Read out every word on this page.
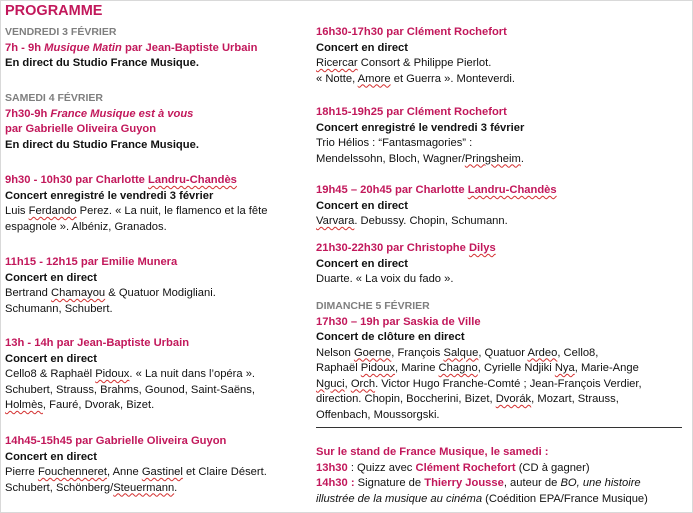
PROGRAMME
VENDREDI 3 FÉVRIER
7h - 9h Musique Matin par Jean-Baptiste Urbain
En direct du Studio France Musique.
SAMEDI 4 FÉVRIER
7h30-9h France Musique est à vous
par Gabrielle Oliveira Guyon
En direct du Studio France Musique.
9h30 - 10h30 par Charlotte Landru-Chandès
Concert enregistré le vendredi 3 février
Luis Ferdando Perez. « La nuit, le flamenco et la fête
espagnole ». Albéniz, Granados.
11h15 - 12h15 par Emilie Munera
Concert en direct
Bertrand Chamayou & Quatuor Modigliani.
Schumann, Schubert.
13h - 14h par Jean-Baptiste Urbain
Concert en direct
Cello8 & Raphaël Pidoux. « La nuit dans l’opéra ».
Schubert, Strauss, Brahms, Gounod, Saint-Saëns,
Holmès, Fauré, Dvorak, Bizet.
14h45-15h45 par Gabrielle Oliveira Guyon
Concert en direct
Pierre Fouchenneret, Anne Gastinel et Claire Désert.
Schubert, Schönberg/Steuermann.
16h30-17h30 par Clément Rochefort
Concert en direct
Ricercar Consort & Philippe Pierlot.
« Notte, Amore et Guerra ». Monteverdi.
18h15-19h25 par Clément Rochefort
Concert enregistré le vendredi 3 février
Trio Hélios : “Fantasmagories” :
Mendelssohn, Bloch, Wagner/Pringsheim.
19h45 – 20h45 par Charlotte Landru-Chandès
Concert en direct
Varvara. Debussy. Chopin, Schumann.
21h30-22h30 par Christophe Dilys
Concert en direct
Duarte. « La voix du fado ».
DIMANCHE 5 FÉVRIER
17h30 – 19h par Saskia de Ville
Concert de clôture en direct
Nelson Goerne, François Salque, Quatuor Ardeo, Cello8,
Raphaël Pidoux, Marine Chagno, Cyrielle Ndjiki Nya, Marie-Ange
Nguci, Orch. Victor Hugo Franche-Comté ; Jean-François Verdier,
direction. Chopin, Boccherini, Bizet, Dvorák, Mozart, Strauss,
Offenbach, Moussorgski.
Sur le stand de France Musique, le samedi :
13h30 : Quizz avec Clément Rochefort (CD à gagner)
14h30 : Signature de Thierry Jousse, auteur de BO, une histoire
illustrée de la musique au cinéma (Coédition EPA/France Musique)
